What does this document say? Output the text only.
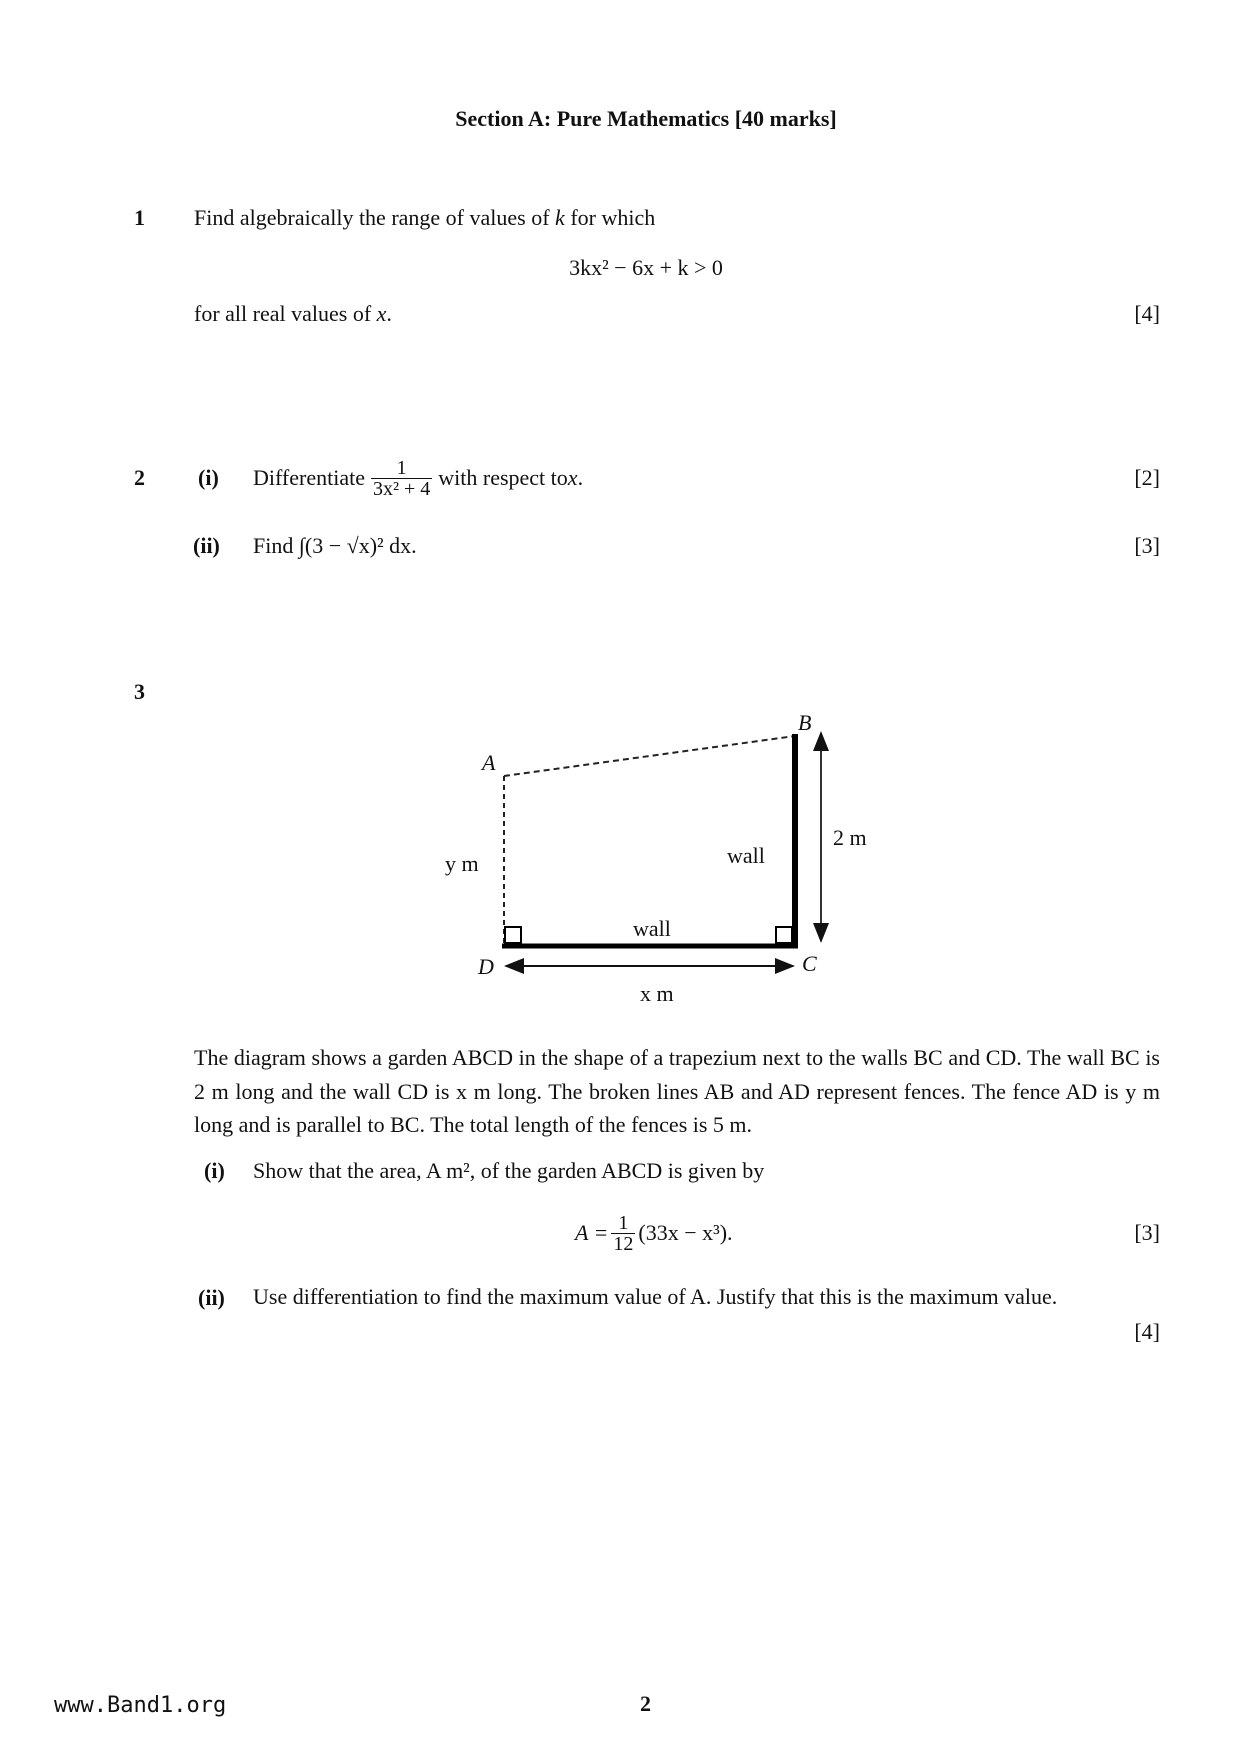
Section A: Pure Mathematics [40 marks]
1 Find algebraically the range of values of k for which
3kx² − 6x + k > 0
for all real values of x.	[4]
2 (i) Differentiate $\frac{1}{\text{3x² + 4}}$ with respect to x .	[2]
(ii) Find ∫(3 − √x)² dx.	[3]
3
A
B
C
D
wall
wall
2 m
y m
x m
The diagram shows a garden ABCD in the shape of a trapezium next to the walls BC and CD. The wall BC is 2 m long and the wall CD is x m long. The broken lines AB and AD represent fences. The fence AD is y m long and is parallel to BC. The total length of the fences is 5 m.
(i) Show that the area, A m², of the garden ABCD is given by
$A = \frac{1}{12} (33x - x^3)$.	[3]
(ii) Use differentiation to find the maximum value of A. Justify that this is the maximum value.
[4]
www.Band1.org	2
